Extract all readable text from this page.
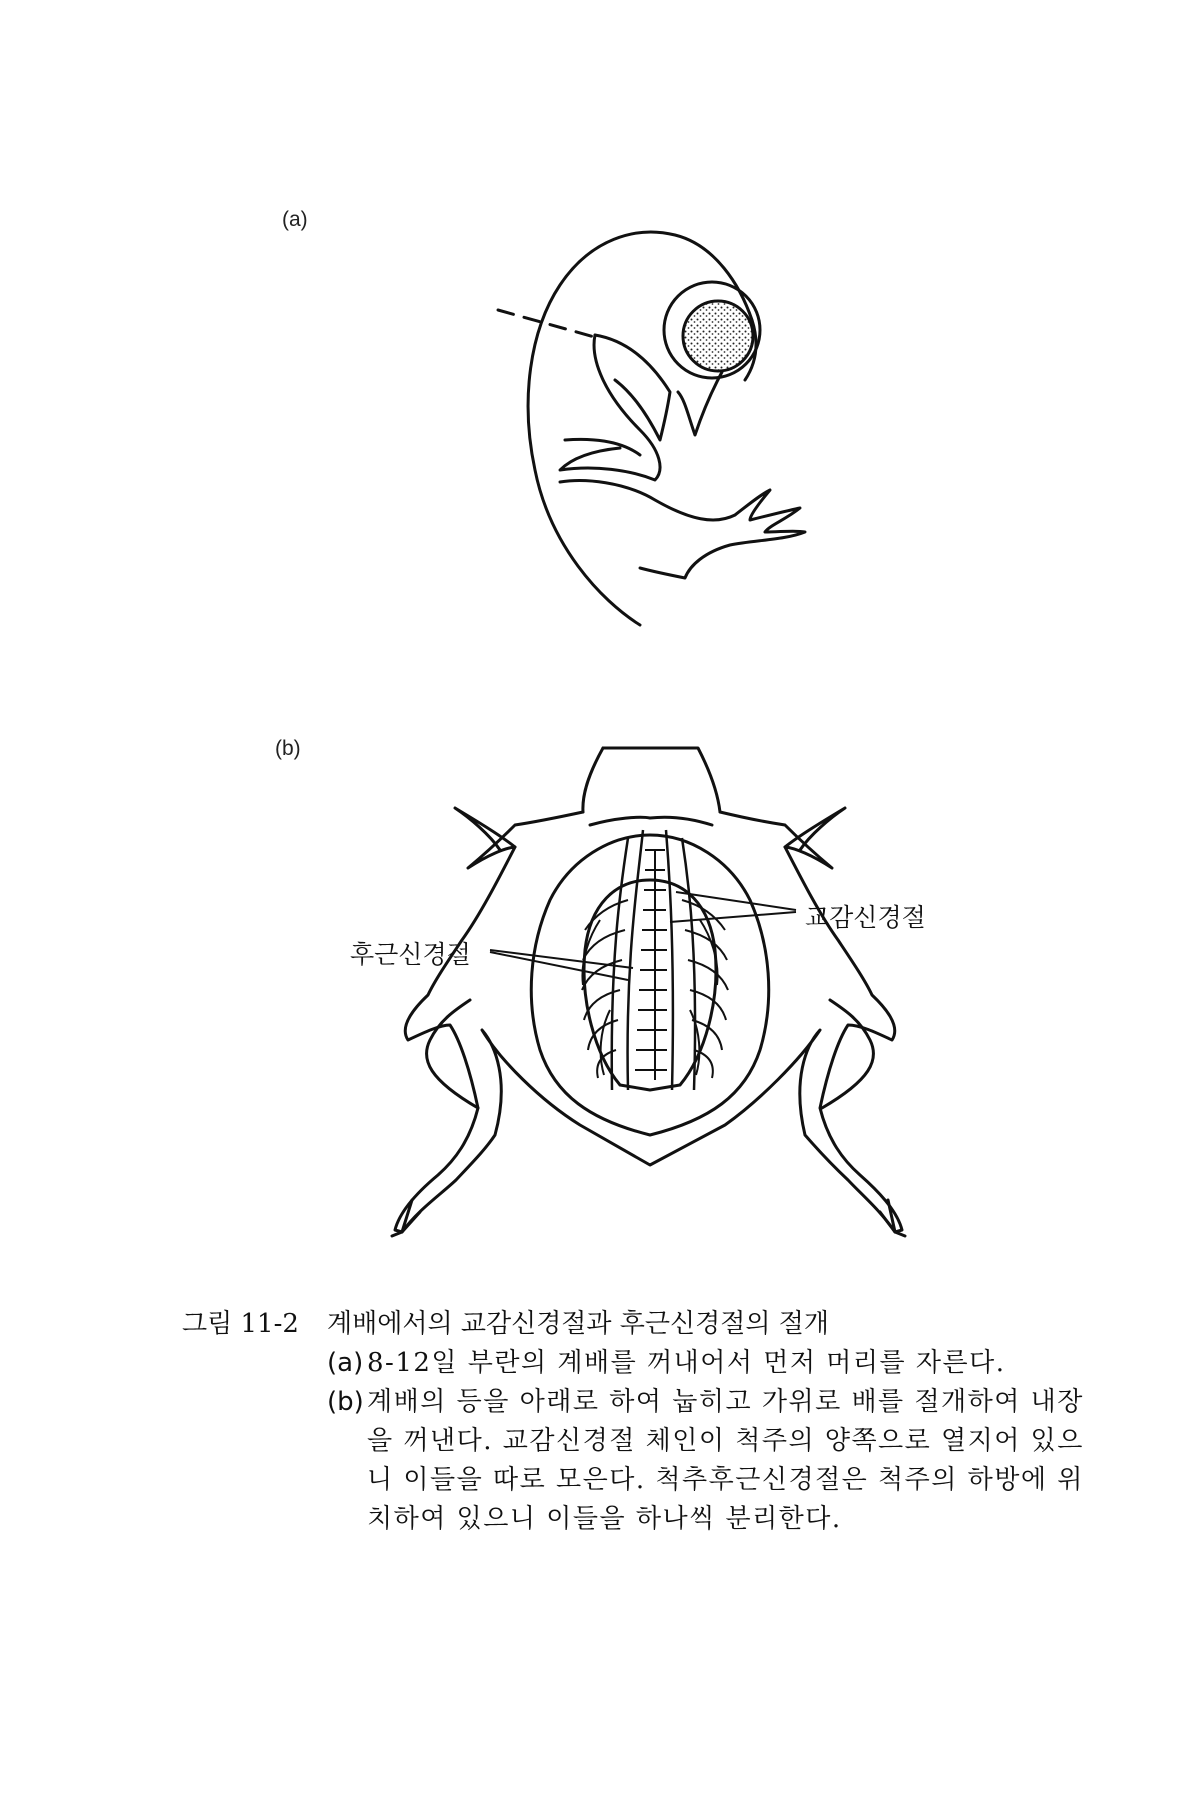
(a)
(b)
후근신경절
교감신경절
그림 11-2	계배에서의 교감신경절과 후근신경절의 절개
(a) 8-12일 부란의 계배를 꺼내어서 먼저 머리를 자른다.
(b) 계배의 등을 아래로 하여 눕히고 가위로 배를 절개하여 내장을 꺼낸다. 교감신경절 체인이 척주의 양쪽으로 열지어 있으니 이들을 따로 모은다. 척추후근신경절은 척주의 하방에 위치하여 있으니 이들을 하나씩 분리한다.
